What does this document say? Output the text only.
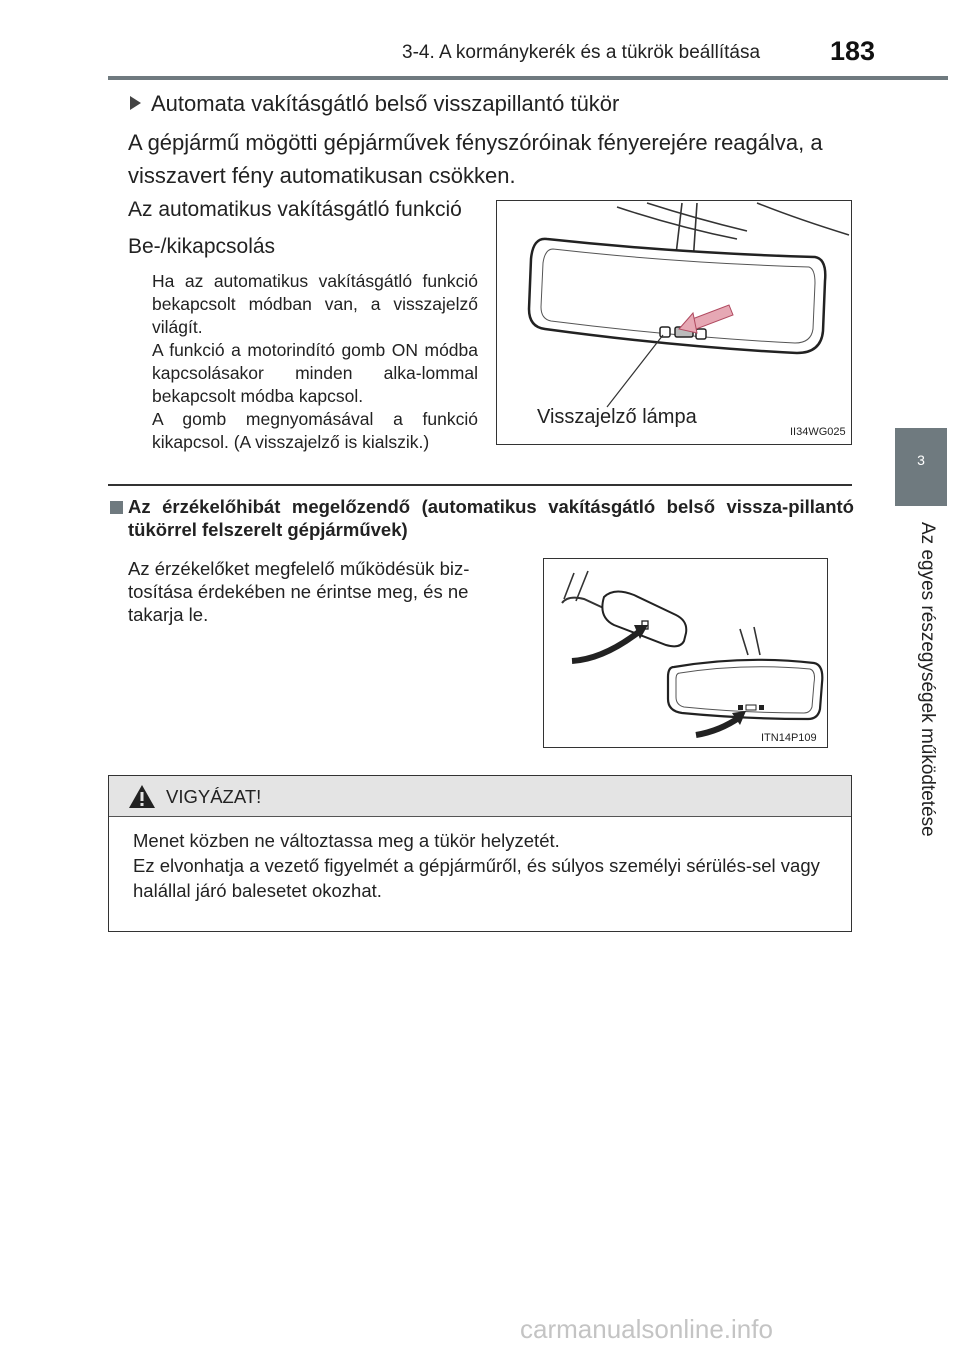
3-4. A kormánykerék és a tükrök beállítása	183
3
Az egyes részegységek működtetése
Automata vakításgátló belső visszapillantó tükör
A gépjármű mögötti gépjárművek fényszóróinak fényerejére reagálva, a visszavert fény automatikusan csökken.
Az automatikus vakításgátló funkció
Be-/kikapcsolás

Ha az automatikus vakításgátló funkció bekapcsolt módban van, a visszajelző világít.

A funkció a motorindító gomb ON módba kapcsolásakor minden alka-lommal bekapcsolt módba kapcsol.

A gomb megnyomásával a funkció kikapcsol. (A visszajelző is kialszik.)

Visszajelző lámpa
II34WG025
Az érzékelőhibát megelőzendő (automatikus vakításgátló belső vissza-pillantó tükörrel felszerelt gépjárművek)
Az érzékelőket megfelelő működésük biz-tosítása érdekében ne érintse meg, és ne takarja le.
ITN14P109
VIGYÁZAT!

Menet közben ne változtassa meg a tükör helyzetét.

Ez elvonhatja a vezető figyelmét a gépjárműről, és súlyos személyi sérülés-sel vagy halállal járó balesetet okozhat.

carmanualsonline.info
